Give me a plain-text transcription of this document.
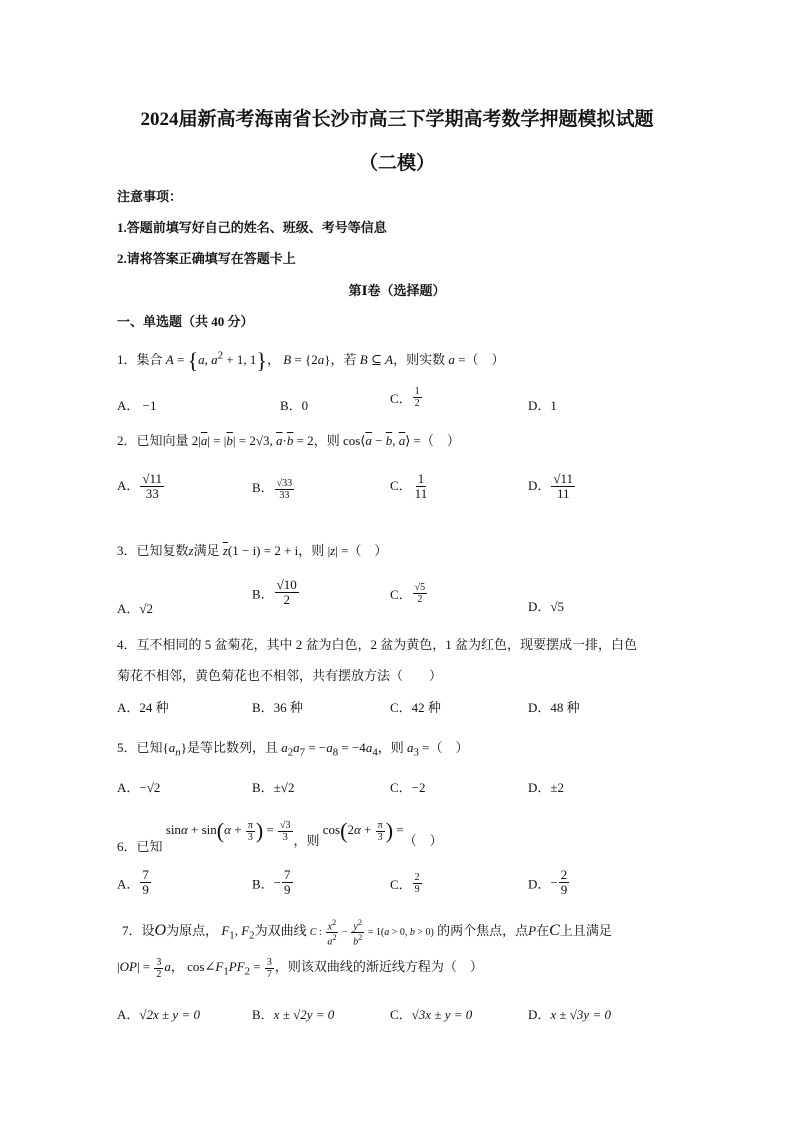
2024届新高考海南省长沙市高三下学期高考数学押题模拟试题
（二模）
注意事项：
1.答题前填写好自己的姓名、班级、考号等信息
2.请将答案正确填写在答题卡上
第Ⅰ卷（选择题）
一、单选题（共 40 分）
1．集合 A = {a, $a^2 + 1$, 1}， B = {2a}，若 B ⊆ A，则实数 a =（　）
A． −1	B．0	C． $\frac{1}{2}$	D．1
2．已知向量 $2|\overline{a}| = |\overline{b}| = 2√3$, $\overline{a}\cdot\overline{b} = 2$，则 $\cos⟨\overline{a} - \overline{b}$, $\overline{a}⟩$ =（　）
A． $\frac{√11}{33}$	B． $\frac{√33}{33}$	C． $\frac{1}{11}$	D． $\frac{√11}{11}$
3．已知复数z满足 $\overline{z}(1 - i) = 2 + i$，则 |z| =（　）
A．√2
B． $\frac{√10}{2}$	C． $\frac{√5}{2}$
D．√5
4．互不相同的 5 盆菊花，其中 2 盆为白色，2 盆为黄色，1 盆为红色，现要摆成一排，白色
菊花不相邻，黄色菊花也不相邻，共有摆放方法（　　）
A．24 种	B．36 种	C．42 种	D．48 种
5．已知$\{a_n\}$是等比数列，且 $a_2a_7 = -a_8 = -4a_4$，则 $a_3$ =（　）
A．−√2	B．±√2	C．−2	D．±2
6．已知 $\sin\alpha + \sin(\alpha + \frac{\pi}{3}$ ) = $\frac{√3}{3}$ ，则 $\cos(2\alpha + \frac{\pi}{3}$ ) =（　）
A． $\frac{7}{9}$	B．− $\frac{7}{9}$	C． $\frac{2}{9}$	D．− $\frac{2}{9}$
7．设O为原点， $F_1$, $F_2$为双曲线 C : $\frac{x^2}{a^2} - \frac{y^2}{b^2} = 1(a > 0$, b > 0) 的两个焦点，点P在C上且满足
$|OP| = \frac{3}{2}$ a， $\cos\angle F_1PF_2 = \frac{3}{7}$ ，则该双曲线的渐近线方程为（　）
A．√2x ± y = 0	B．x ± √2y = 0	C．√3x ± y = 0	D．x ± √3y = 0
